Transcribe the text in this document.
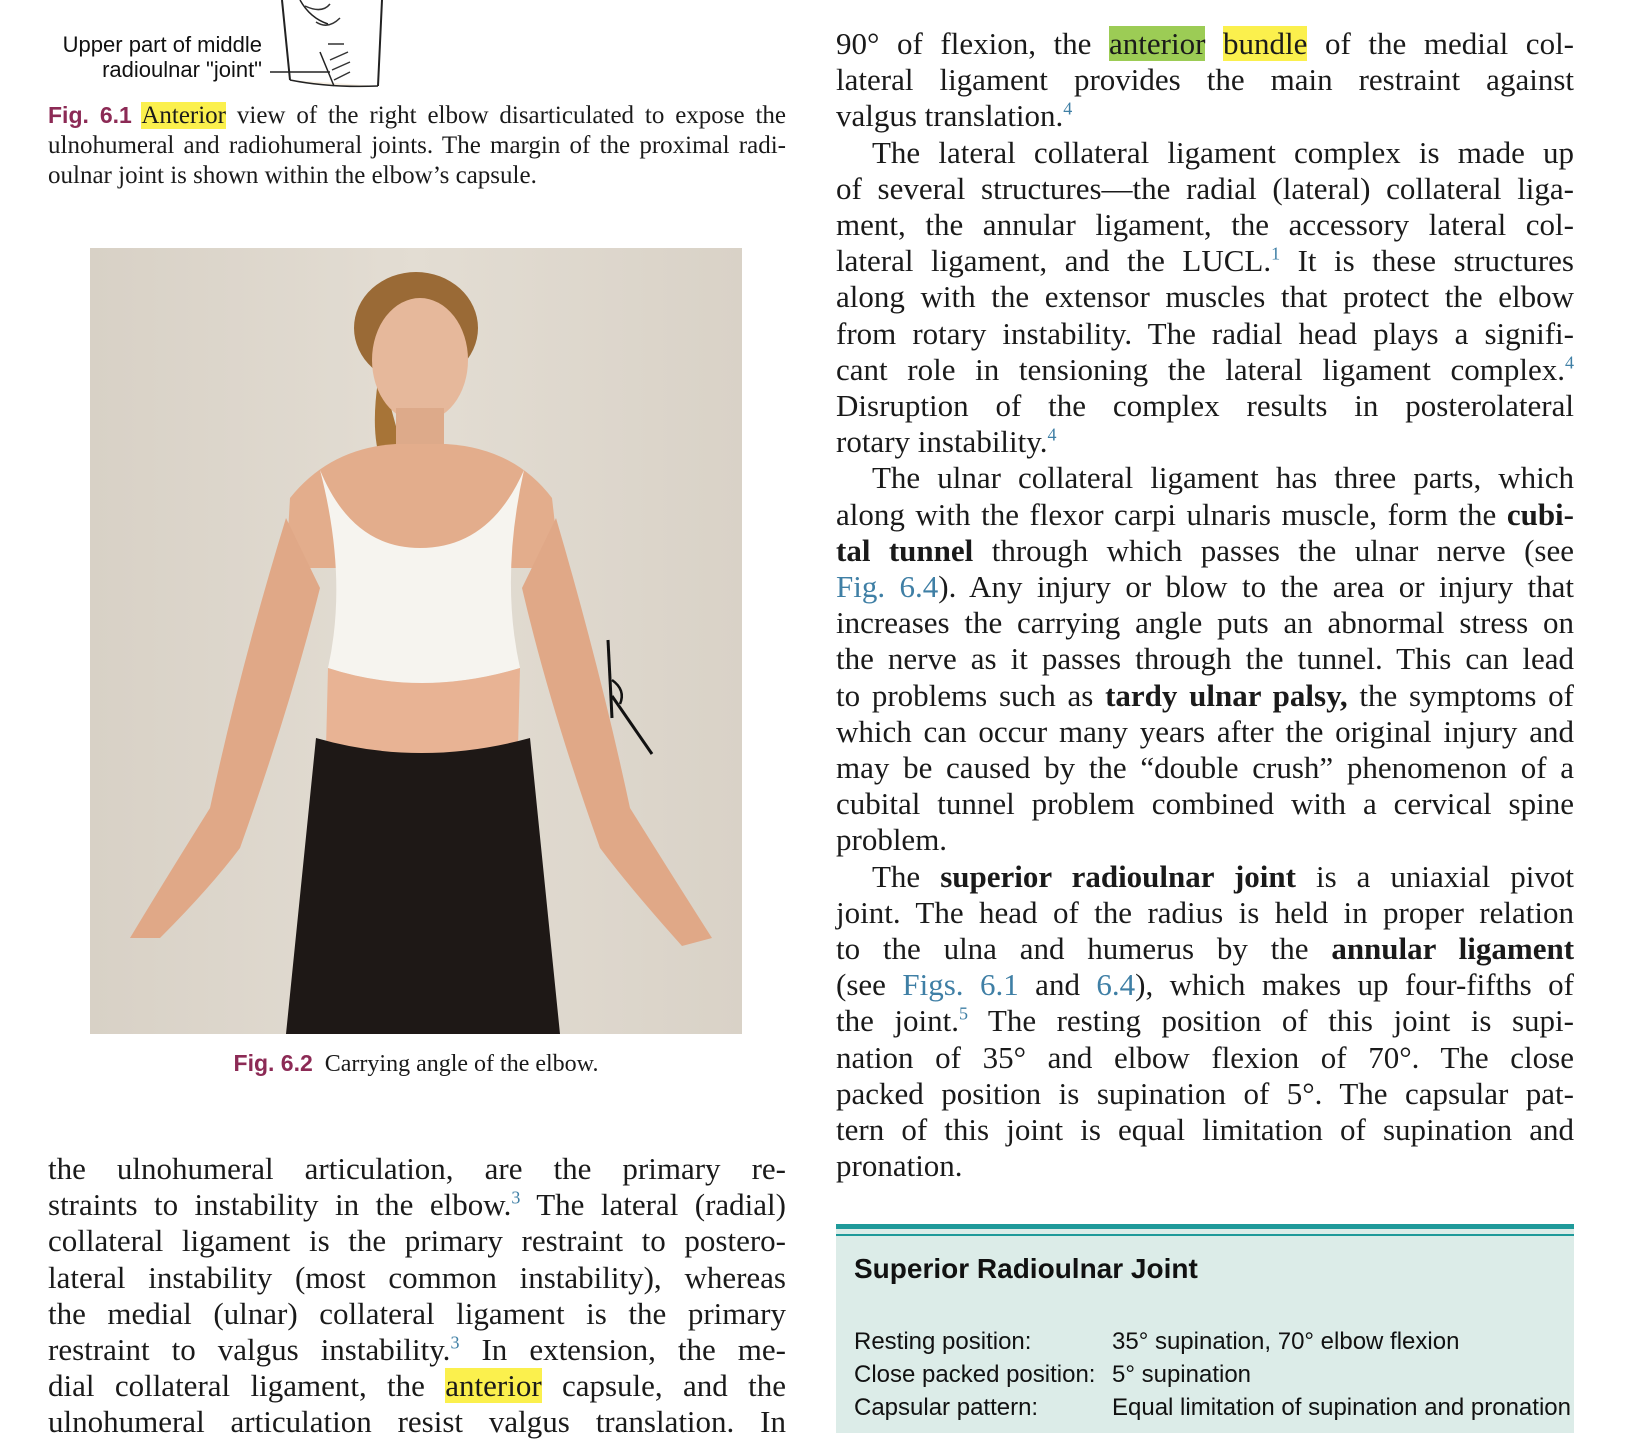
Upper part of middle
radioulnar "joint"
Fig. 6.1 Anterior view of the right elbow disarticulated to expose the
ulnohumeral and radiohumeral joints. The margin of the proximal radi-
oulnar joint is shown within the elbow’s capsule.
Fig. 6.2 Carrying angle of the elbow.
the ulnohumeral articulation, are the primary re-
straints to instability in the elbow.$^3$ The lateral (radial)
collateral ligament is the primary restraint to postero-
lateral instability (most common instability), whereas
the medial (ulnar) collateral ligament is the primary
restraint to valgus instability.$^3$ In extension, the me-
dial collateral ligament, the anterior capsule, and the
ulnohumeral articulation resist valgus translation. In
90° of flexion, the anterior bundle of the medial col-
lateral ligament provides the main restraint against
valgus translation.$^4$
The lateral collateral ligament complex is made up
of several structures—the radial (lateral) collateral liga-
ment, the annular ligament, the accessory lateral col-
lateral ligament, and the LUCL.$^1$ It is these structures
along with the extensor muscles that protect the elbow
from rotary instability. The radial head plays a signifi-
cant role in tensioning the lateral ligament complex.$^4$
Disruption of the complex results in posterolateral
rotary instability.$^4$
The ulnar collateral ligament has three parts, which
along with the flexor carpi ulnaris muscle, form the cubi-
tal tunnel through which passes the ulnar nerve (see
Fig. 6.4). Any injury or blow to the area or injury that
increases the carrying angle puts an abnormal stress on
the nerve as it passes through the tunnel. This can lead
to problems such as tardy ulnar palsy, the symptoms of
which can occur many years after the original injury and
may be caused by the “double crush” phenomenon of a
cubital tunnel problem combined with a cervical spine
problem.
The superior radioulnar joint is a uniaxial pivot
joint. The head of the radius is held in proper relation
to the ulna and humerus by the annular ligament
(see Figs. 6.1 and 6.4), which makes up four-fifths of
the joint.$^5$ The resting position of this joint is supi-
nation of 35° and elbow flexion of 70°. The close
packed position is supination of 5°. The capsular pat-
tern of this joint is equal limitation of supination and
pronation.
Superior Radioulnar Joint
Resting position:	35° supination, 70° elbow flexion
Close packed position: 5° supination
Capsular pattern:	Equal limitation of supination and pronation
